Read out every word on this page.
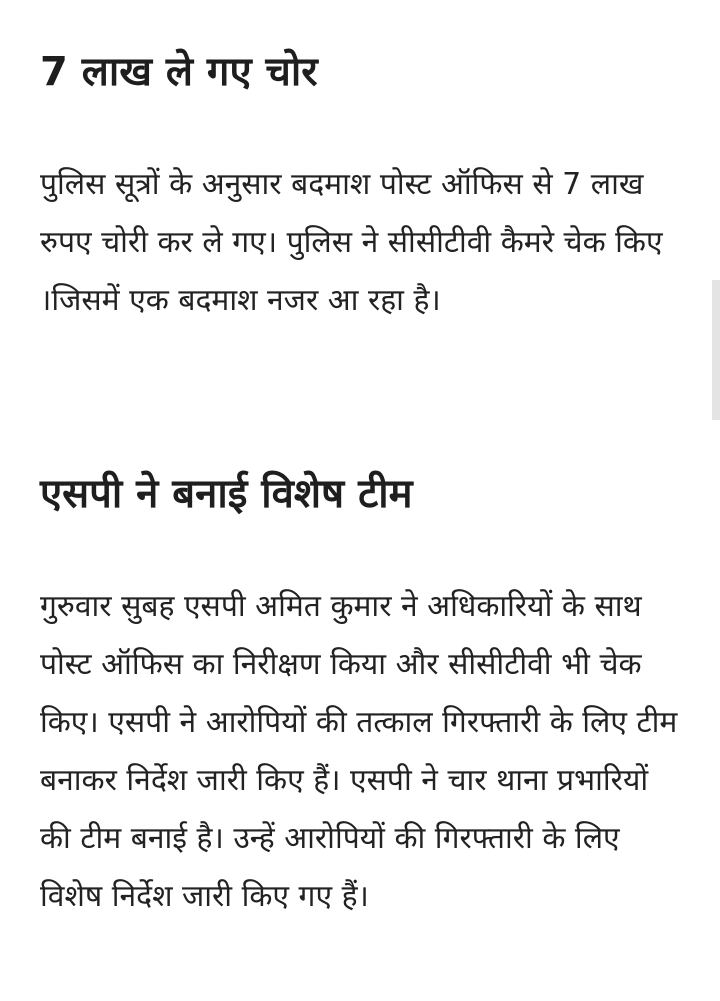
7 लाख ले गए चोर

पुलिस सूत्रों के अनुसार बदमाश पोस्ट ऑफिस से 7 लाख रुपए चोरी कर ले गए। पुलिस ने सीसीटीवी कैमरे चेक किए ।जिसमें एक बदमाश नजर आ रहा है।

एसपी ने बनाई विशेष टीम

गुरुवार सुबह एसपी अमित कुमार ने अधिकारियों के साथ पोस्ट ऑफिस का निरीक्षण किया और सीसीटीवी भी चेक किए। एसपी ने आरोपियों की तत्काल गिरफ्तारी के लिए टीम बनाकर निर्देश जारी किए हैं। एसपी ने चार थाना प्रभारियों की टीम बनाई है। उन्हें आरोपियों की गिरफ्तारी के लिए विशेष निर्देश जारी किए गए हैं।
